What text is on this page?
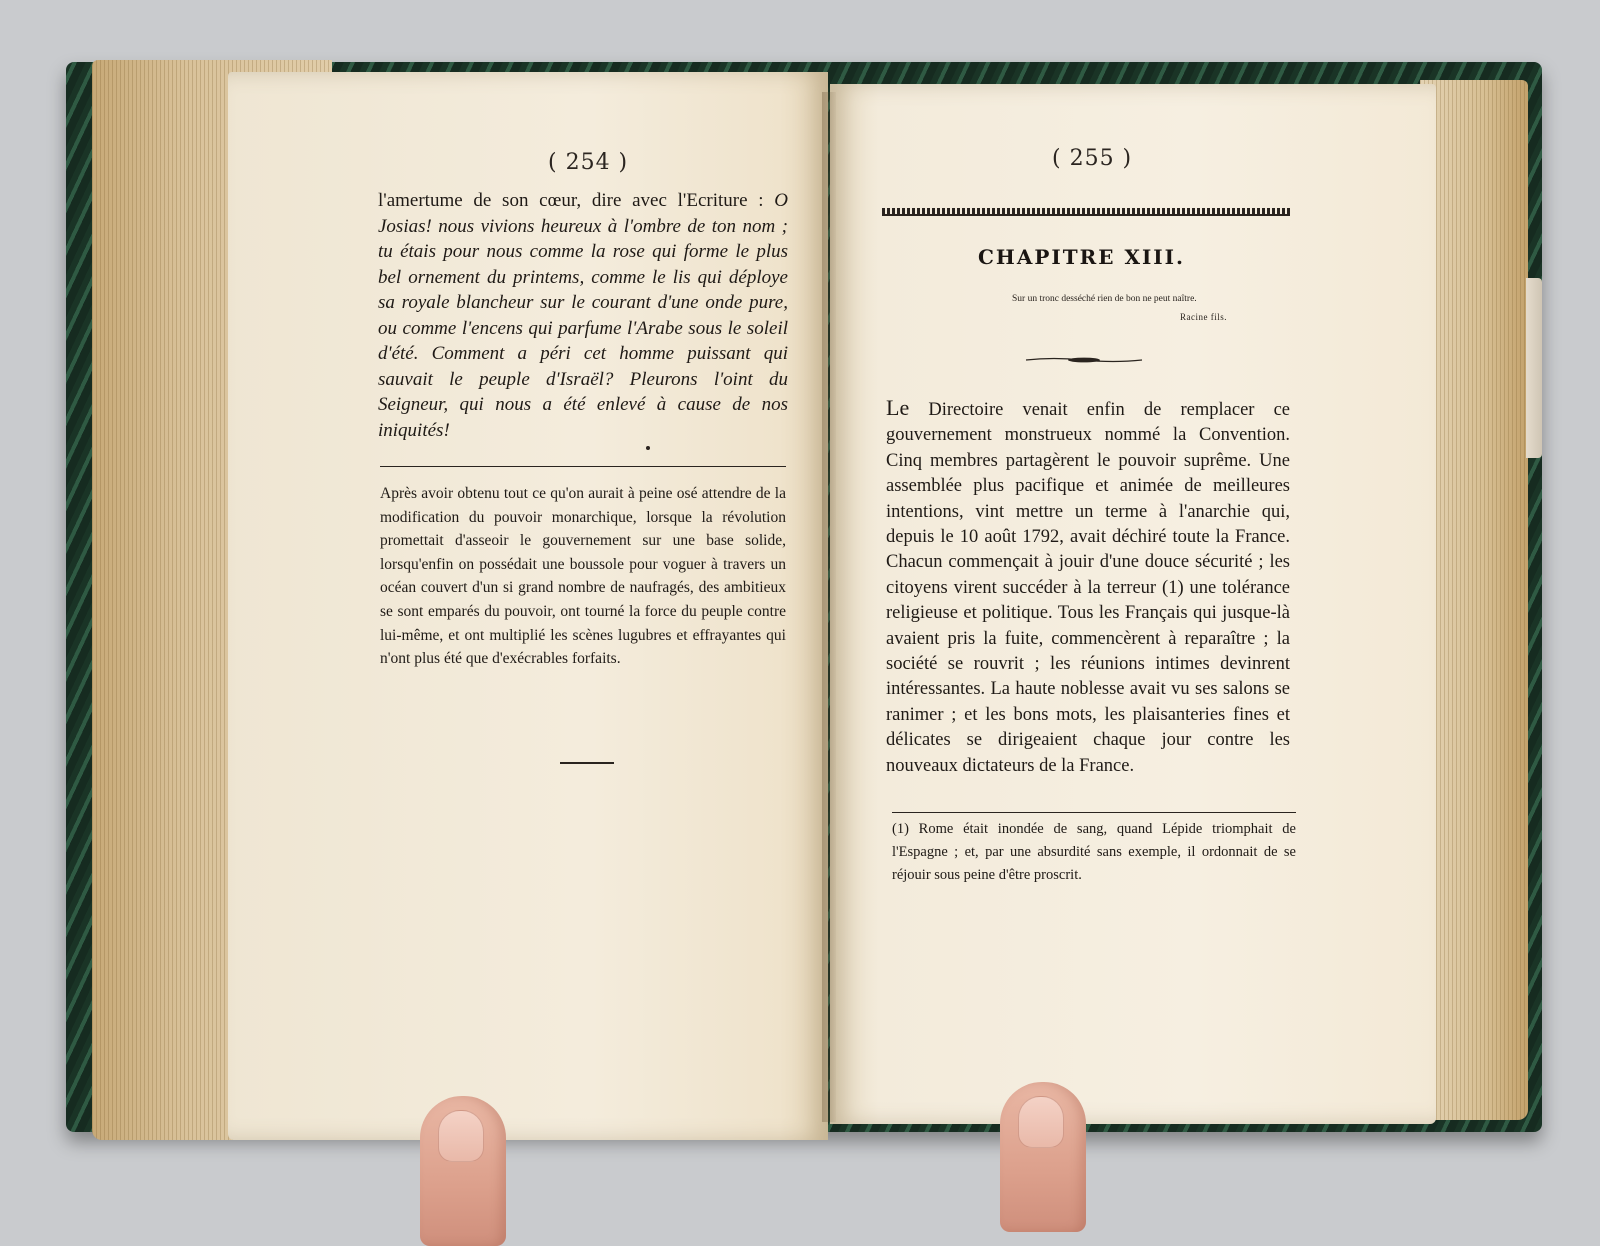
( 254 )
l'amertume de son cœur, dire avec l'Ecriture : O Josias! nous vivions heureux à l'ombre de ton nom ; tu étais pour nous comme la rose qui forme le plus bel ornement du printems, comme le lis qui déploye sa royale blancheur sur le courant d'une onde pure, ou comme l'encens qui parfume l'Arabe sous le soleil d'été. Comment a péri cet homme puissant qui sauvait le peuple d'Israël? Pleurons l'oint du Seigneur, qui nous a été enlevé à cause de nos iniquités!
Après avoir obtenu tout ce qu'on aurait à peine osé attendre de la modification du pouvoir monarchique, lorsque la révolution promettait d'asseoir le gouvernement sur une base solide, lorsqu'enfin on possédait une boussole pour voguer à travers un océan couvert d'un si grand nombre de naufragés, des ambitieux se sont emparés du pouvoir, ont tourné la force du peuple contre lui-même, et ont multiplié les scènes lugubres et effrayantes qui n'ont plus été que d'exécrables forfaits.
( 255 )
CHAPITRE XIII.
Sur un tronc desséché rien de bon ne peut naître.
Racine fils.
Le Directoire venait enfin de remplacer ce gouvernement monstrueux nommé la Convention. Cinq membres partagèrent le pouvoir suprême. Une assemblée plus pacifique et animée de meilleures intentions, vint mettre un terme à l'anarchie qui, depuis le 10 août 1792, avait déchiré toute la France. Chacun commençait à jouir d'une douce sécurité ; les citoyens virent succéder à la terreur (1) une tolérance religieuse et politique. Tous les Français qui jusque-là avaient pris la fuite, commencèrent à reparaître ; la société se rouvrit ; les réunions intimes devinrent intéressantes. La haute noblesse avait vu ses salons se ranimer ; et les bons mots, les plaisanteries fines et délicates se dirigeaient chaque jour contre les nouveaux dictateurs de la France.
(1) Rome était inondée de sang, quand Lépide triomphait de l'Espagne ; et, par une absurdité sans exemple, il ordonnait de se réjouir sous peine d'être proscrit.
